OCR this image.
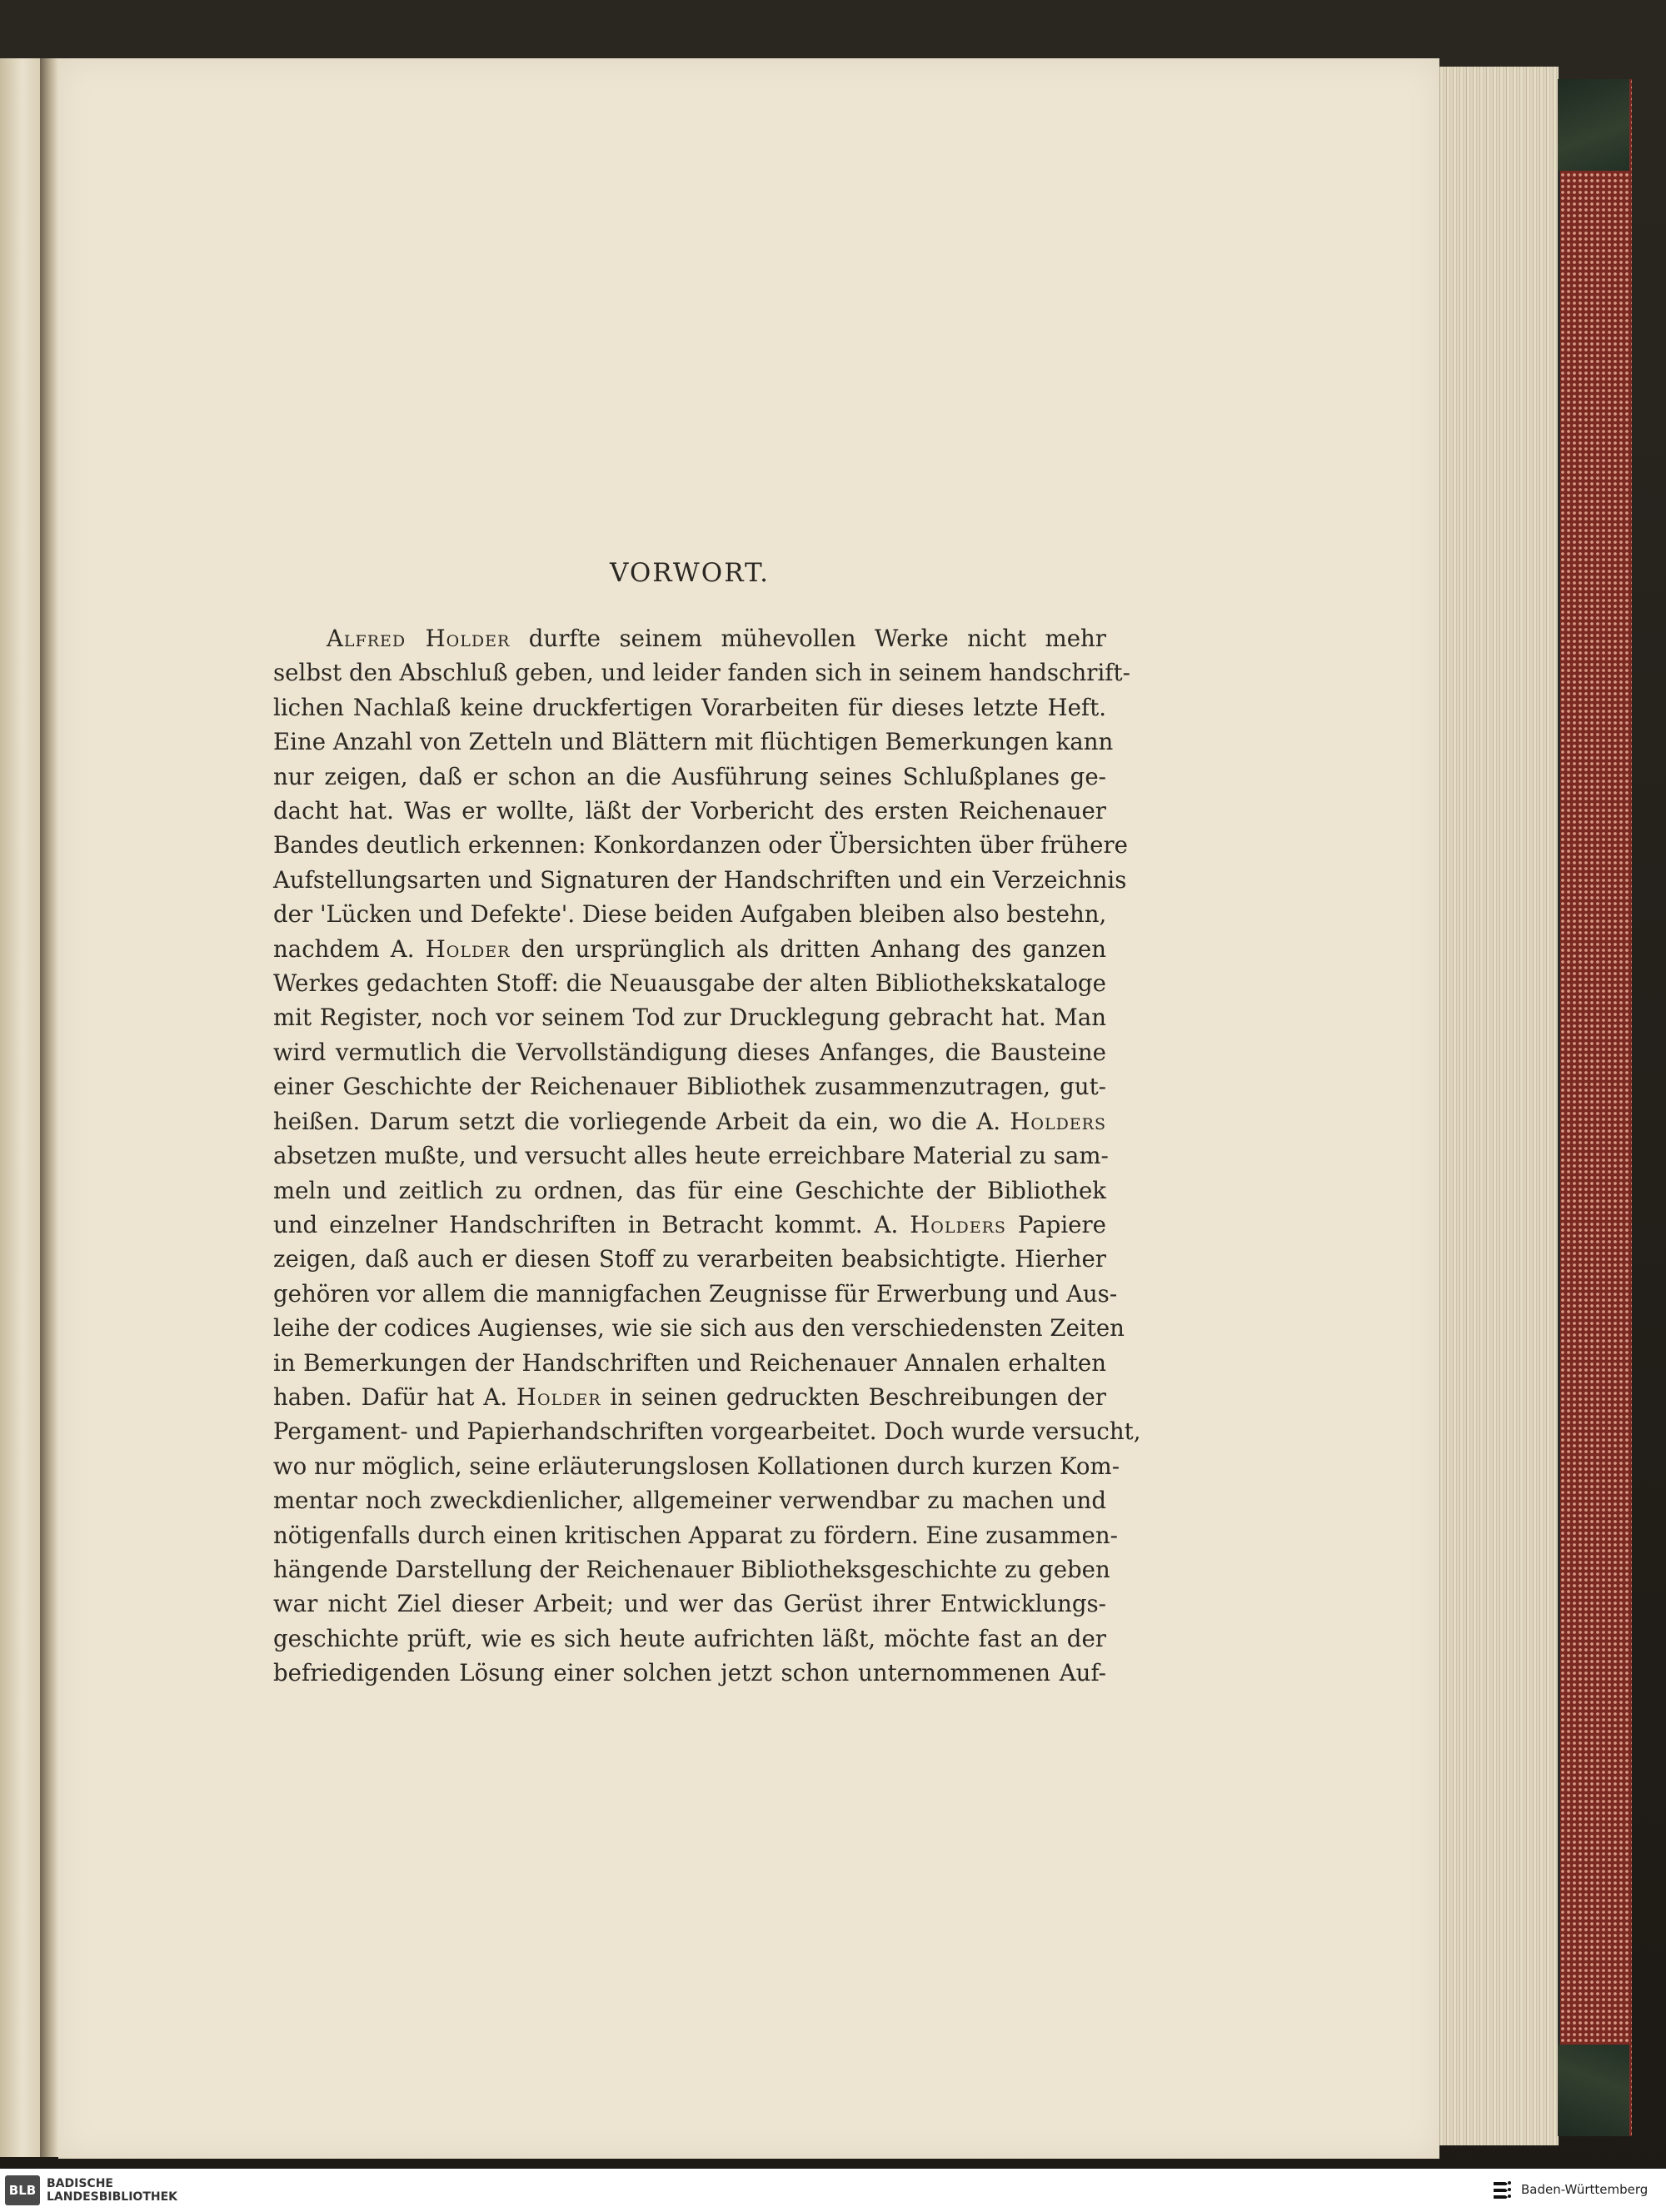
VORWORT.

Alfred Holder durfte seinem mühevollen Werke nicht mehr
selbst den Abschluß geben, und leider fanden sich in seinem handschrift-
lichen Nachlaß keine druckfertigen Vorarbeiten für dieses letzte Heft.
Eine Anzahl von Zetteln und Blättern mit flüchtigen Bemerkungen kann
nur zeigen, daß er schon an die Ausführung seines Schlußplanes ge-
dacht hat. Was er wollte, läßt der Vorbericht des ersten Reichenauer
Bandes deutlich erkennen: Konkordanzen oder Übersichten über frühere
Aufstellungsarten und Signaturen der Handschriften und ein Verzeichnis
der 'Lücken und Defekte'. Diese beiden Aufgaben bleiben also bestehn,
nachdem A. Holder den ursprünglich als dritten Anhang des ganzen
Werkes gedachten Stoff: die Neuausgabe der alten Bibliothekskataloge
mit Register, noch vor seinem Tod zur Drucklegung gebracht hat. Man
wird vermutlich die Vervollständigung dieses Anfanges, die Bausteine
einer Geschichte der Reichenauer Bibliothek zusammenzutragen, gut-
heißen. Darum setzt die vorliegende Arbeit da ein, wo die A. Holders
absetzen mußte, und versucht alles heute erreichbare Material zu sam-
meln und zeitlich zu ordnen, das für eine Geschichte der Bibliothek
und einzelner Handschriften in Betracht kommt. A. Holders Papiere
zeigen, daß auch er diesen Stoff zu verarbeiten beabsichtigte. Hierher
gehören vor allem die mannigfachen Zeugnisse für Erwerbung und Aus-
leihe der codices Augienses, wie sie sich aus den verschiedensten Zeiten
in Bemerkungen der Handschriften und Reichenauer Annalen erhalten
haben. Dafür hat A. Holder in seinen gedruckten Beschreibungen der
Pergament- und Papierhandschriften vorgearbeitet. Doch wurde versucht,
wo nur möglich, seine erläuterungslosen Kollationen durch kurzen Kom-
mentar noch zweckdienlicher, allgemeiner verwendbar zu machen und
nötigenfalls durch einen kritischen Apparat zu fördern. Eine zusammen-
hängende Darstellung der Reichenauer Bibliotheksgeschichte zu geben
war nicht Ziel dieser Arbeit; und wer das Gerüst ihrer Entwicklungs-
geschichte prüft, wie es sich heute aufrichten läßt, möchte fast an der
befriedigenden Lösung einer solchen jetzt schon unternommenen Auf-

BLB BADISCHE
LANDESBIBLIOTHEK	Baden-Württemberg
